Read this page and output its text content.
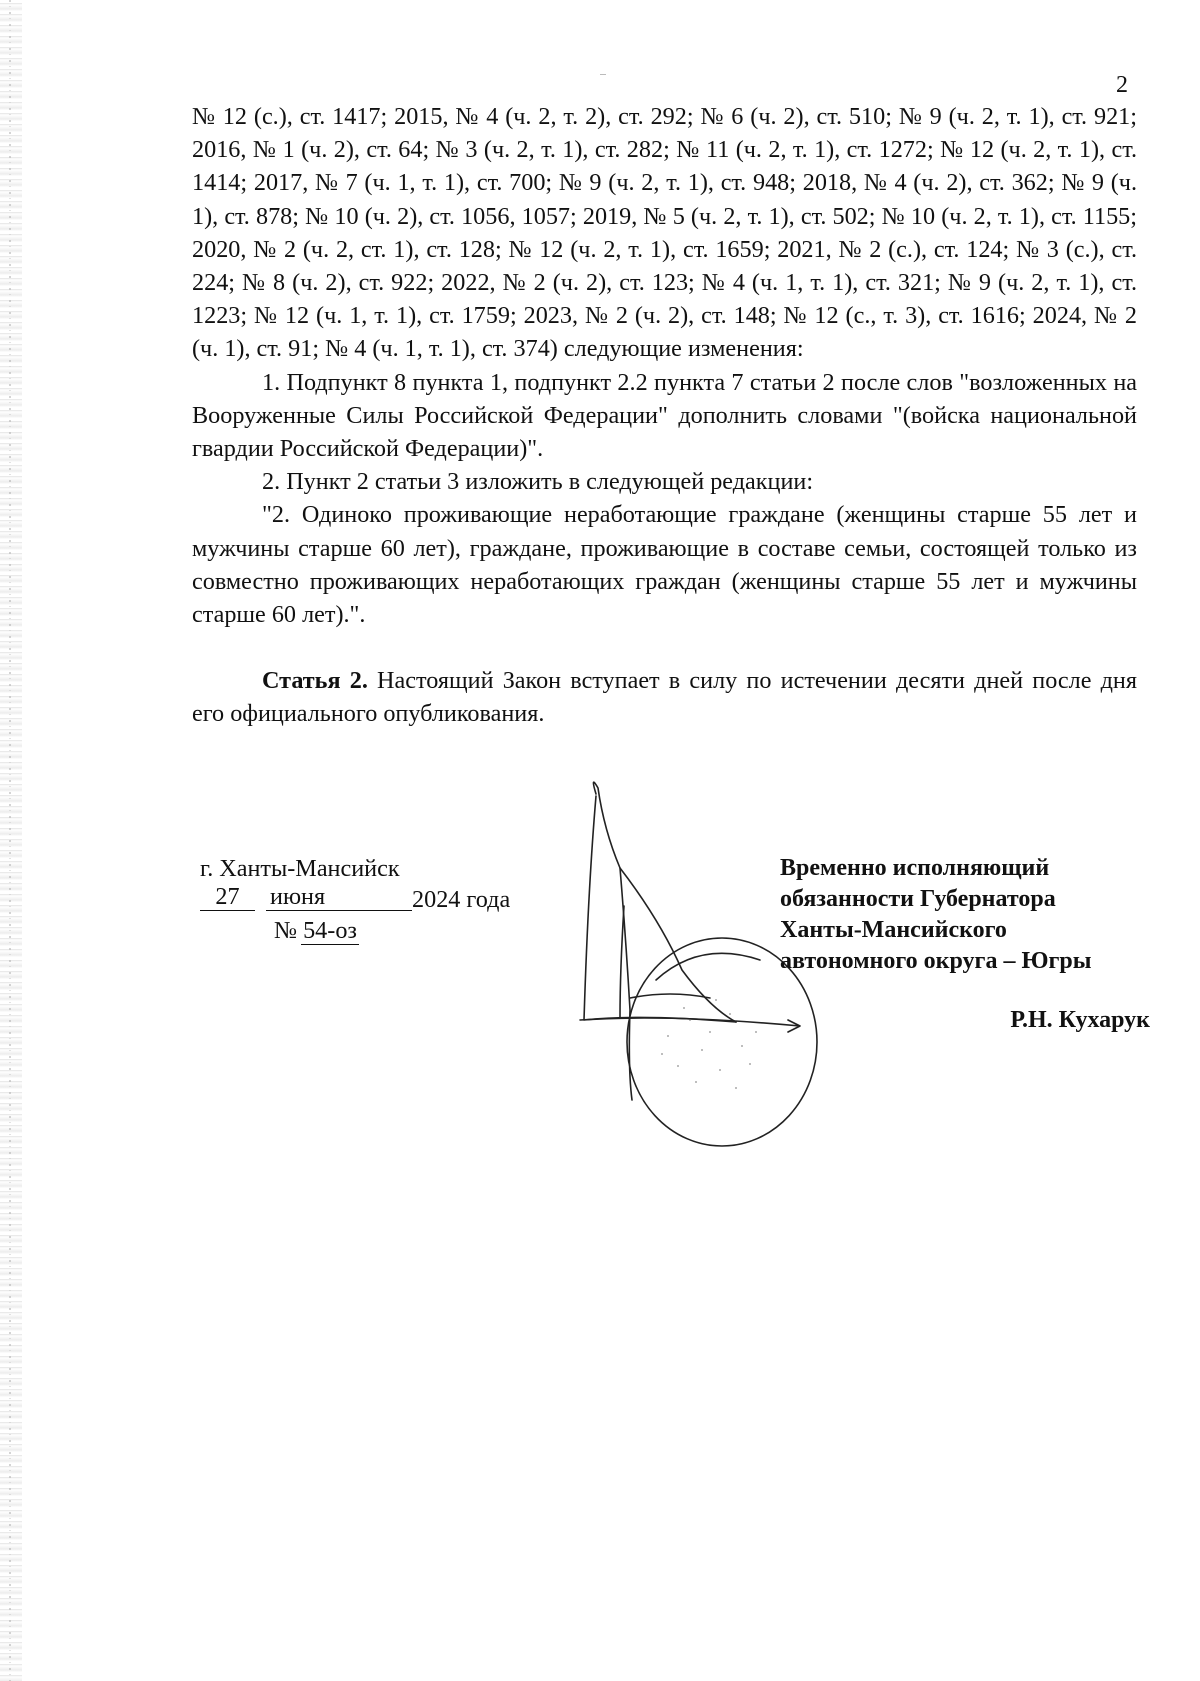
2

№ 12 (с.), ст. 1417; 2015, № 4 (ч. 2, т. 2), ст. 292; № 6 (ч. 2), ст. 510; № 9 (ч. 2, т. 1), ст. 921; 2016, № 1 (ч. 2), ст. 64; № 3 (ч. 2, т. 1), ст. 282; № 11 (ч. 2, т. 1), ст. 1272; № 12 (ч. 2, т. 1), ст. 1414; 2017, № 7 (ч. 1, т. 1), ст. 700; № 9 (ч. 2, т. 1), ст. 948; 2018, № 4 (ч. 2), ст. 362; № 9 (ч. 1), ст. 878; № 10 (ч. 2), ст. 1056, 1057; 2019, № 5 (ч. 2, т. 1), ст. 502; № 10 (ч. 2, т. 1), ст. 1155; 2020, № 2 (ч. 2, ст. 1), ст. 128; № 12 (ч. 2, т. 1), ст. 1659; 2021, № 2 (с.), ст. 124; № 3 (с.), ст. 224; № 8 (ч. 2), ст. 922; 2022, № 2 (ч. 2), ст. 123; № 4 (ч. 1, т. 1), ст. 321; № 9 (ч. 2, т. 1), ст. 1223; № 12 (ч. 1, т. 1), ст. 1759; 2023, № 2 (ч. 2), ст. 148; № 12 (с., т. 3), ст. 1616; 2024, № 2 (ч. 1), ст. 91; № 4 (ч. 1, т. 1), ст. 374) следующие изменения:

1. Подпункт 8 пункта 1, подпункт 2.2 пункта 7 статьи 2 после слов "возложенных на Вооруженные Силы Российской Федерации" дополнить словами "(войска национальной гвардии Российской Федерации)".

2. Пункт 2 статьи 3 изложить в следующей редакции:

"2. Одиноко проживающие неработающие граждане (женщины старше 55 лет и мужчины старше 60 лет), граждане, проживающие в составе семьи, состоящей только из совместно проживающих неработающих граждан (женщины старше 55 лет и мужчины старше 60 лет).".

Статья 2. Настоящий Закон вступает в силу по истечении десяти дней после дня его официального опубликования.

г. Ханты-Мансийск
27	июня	2024 года
№ 54-оз
Временно исполняющий
обязанности Губернатора
Ханты-Мансийского
автономного округа – Югры
Р.Н. Кухарук
